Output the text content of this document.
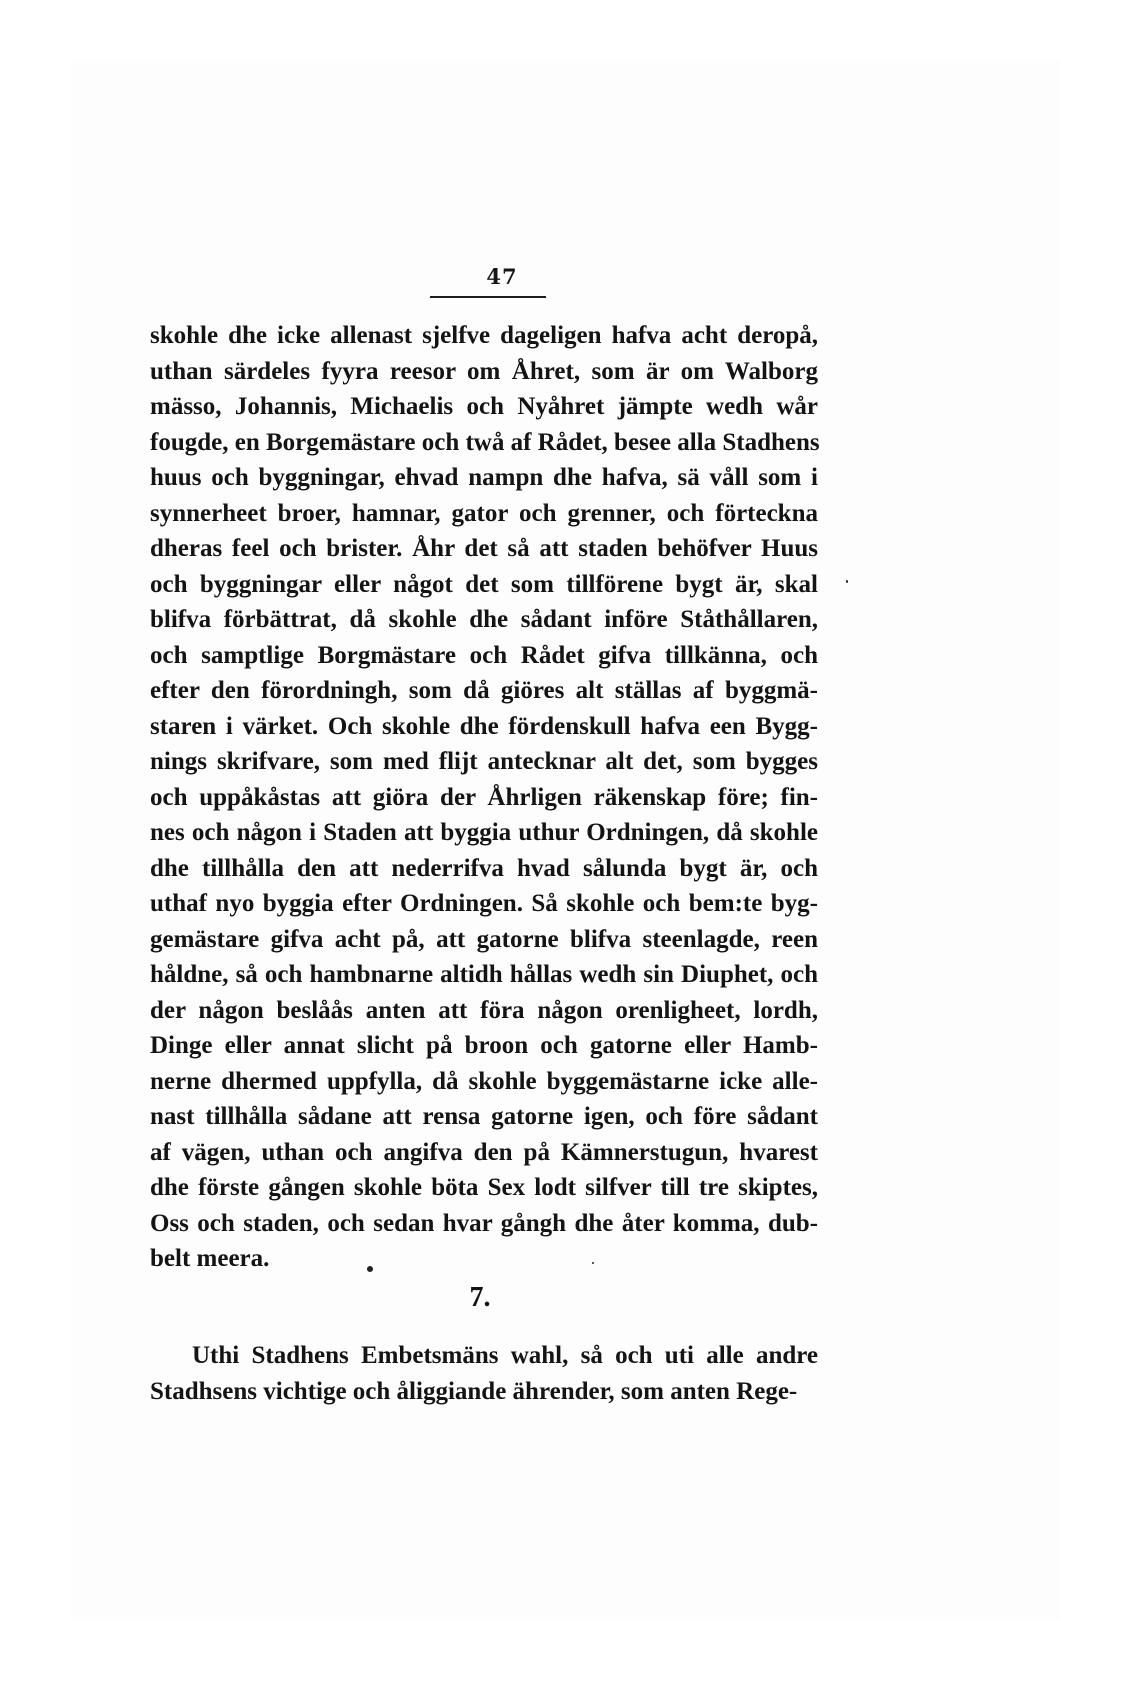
47
skohle dhe icke allenast sjelfve dageligen hafva acht deropå,
uthan särdeles fyyra reesor om Åhret, som är om Walborg
mässo, Johannis, Michaelis och Nyåhret jämpte wedh wår
fougde, en Borgemästare och twå af Rådet, besee alla Stadhens
huus och byggningar, ehvad nampn dhe hafva, sä våll som i
synnerheet broer, hamnar, gator och grenner, och förteckna
dheras feel och brister. Åhr det så att staden behöfver Huus
och byggningar eller något det som tillförene bygt är, skal
blifva förbättrat, då skohle dhe sådant införe Ståthållaren,
och samptlige Borgmästare och Rådet gifva tillkänna, och
efter den förordningh, som då giöres alt ställas af byggmä-
staren i värket. Och skohle dhe fördenskull hafva een Bygg-
nings skrifvare, som med flijt antecknar alt det, som bygges
och uppåkåstas att giöra der Åhrligen räkenskap före; fin-
nes och någon i Staden att byggia uthur Ordningen, då skohle
dhe tillhålla den att nederrifva hvad sålunda bygt är, och
uthaf nyo byggia efter Ordningen. Så skohle och bem:te byg-
gemästare gifva acht på, att gatorne blifva steenlagde, reen
håldne, så och hambnarne altidh hållas wedh sin Diuphet, och
der någon beslåås anten att föra någon orenligheet, lordh,
Dinge eller annat slicht på broon och gatorne eller Hamb-
nerne dhermed uppfylla, då skohle byggemästarne icke alle-
nast tillhålla sådane att rensa gatorne igen, och före sådant
af vägen, uthan och angifva den på Kämnerstugun, hvarest
dhe förste gången skohle böta Sex lodt silfver till tre skiptes,
Oss och staden, och sedan hvar gångh dhe åter komma, dub-
belt meera.
7.
Uthi Stadhens Embetsmäns wahl, så och uti alle andre
Stadhsens vichtige och åliggiande ährender, som anten Rege-
